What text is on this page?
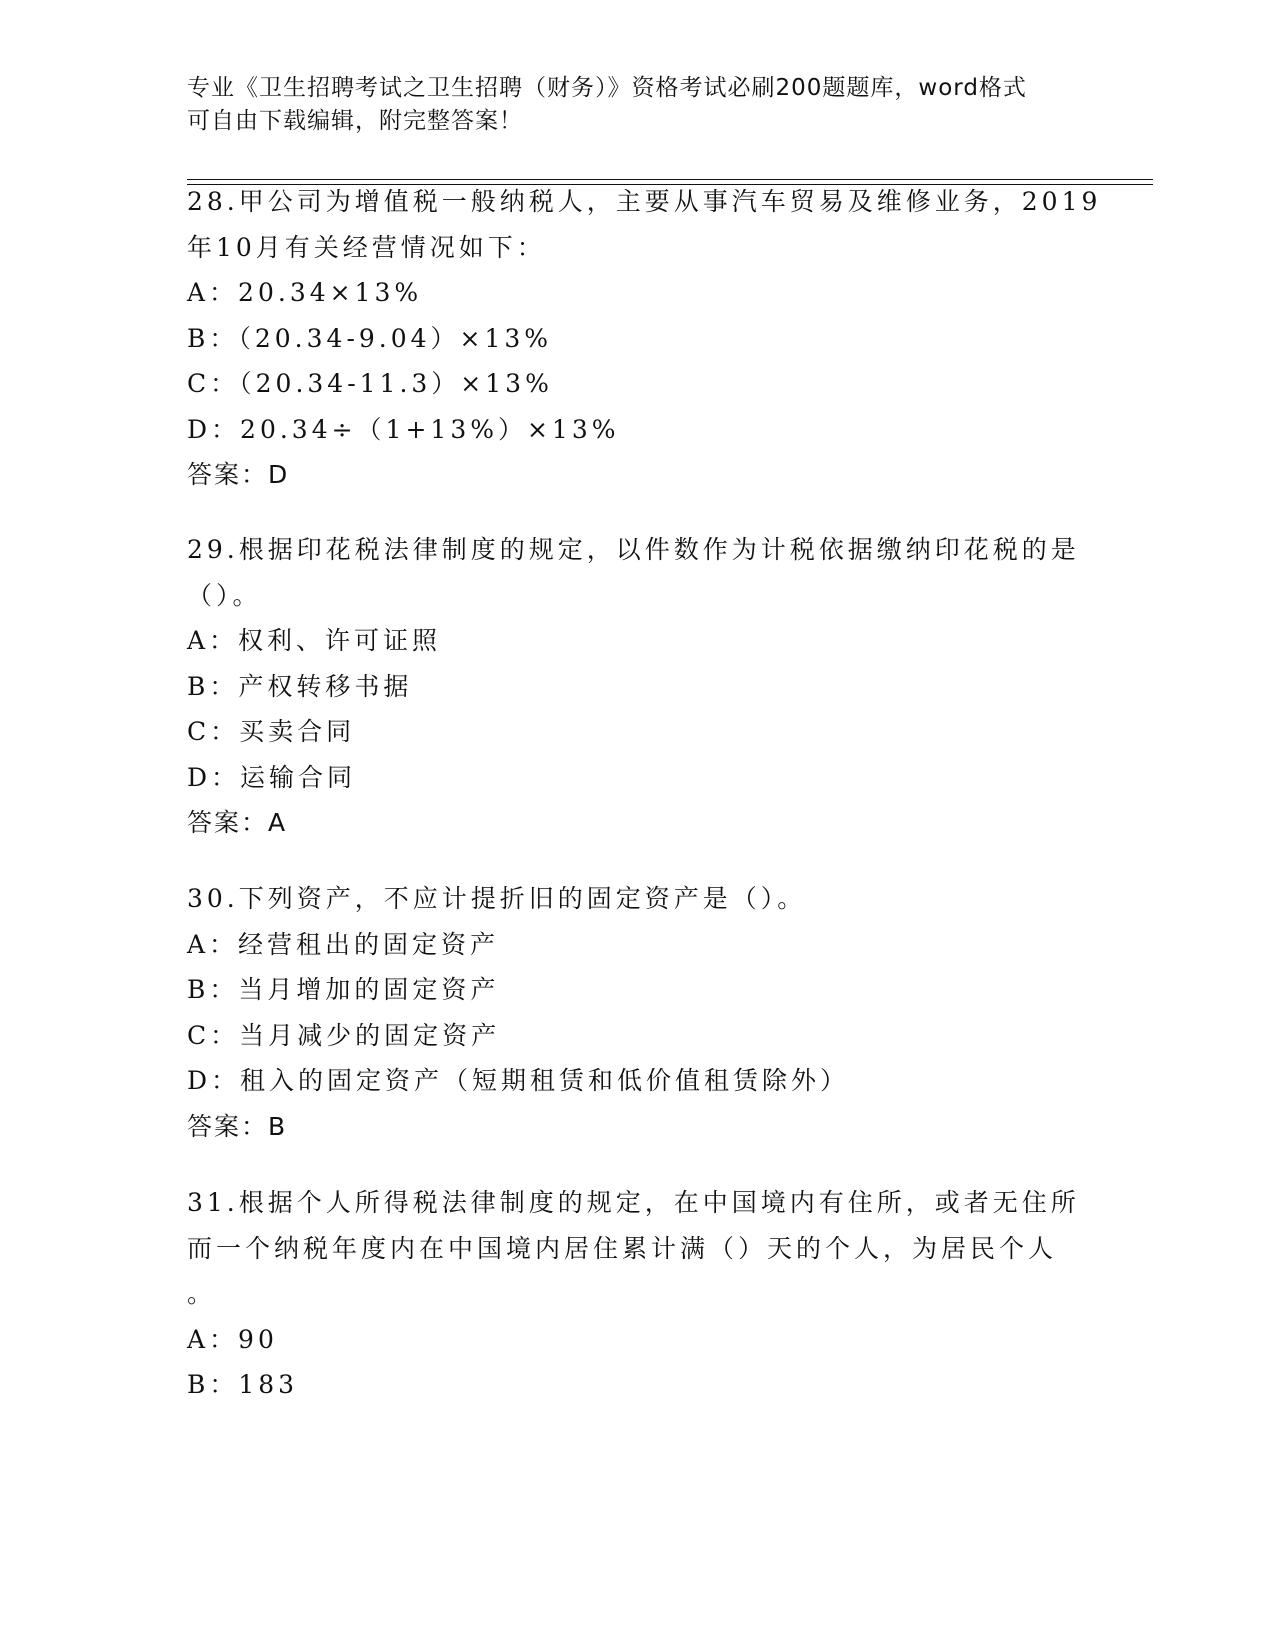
专业《卫生招聘考试之卫生招聘（财务）》资格考试必刷200题题库，word格式
可自由下载编辑，附完整答案！
28.甲公司为增值税一般纳税人，主要从事汽车贸易及维修业务，2019
年10月有关经营情况如下：
A：20.34×13%
B：（20.34-9.04）×13%
C：（20.34-11.3）×13%
D：20.34÷（1+13%）×13%
答案：D
29.根据印花税法律制度的规定，以件数作为计税依据缴纳印花税的是
（）。
A：权利、许可证照
B：产权转移书据
C：买卖合同
D：运输合同
答案：A
30.下列资产，不应计提折旧的固定资产是（）。
A：经营租出的固定资产
B：当月增加的固定资产
C：当月减少的固定资产
D：租入的固定资产（短期租赁和低价值租赁除外）
答案：B
31.根据个人所得税法律制度的规定，在中国境内有住所，或者无住所
而一个纳税年度内在中国境内居住累计满（）天的个人，为居民个人
。
A：90
B：183
